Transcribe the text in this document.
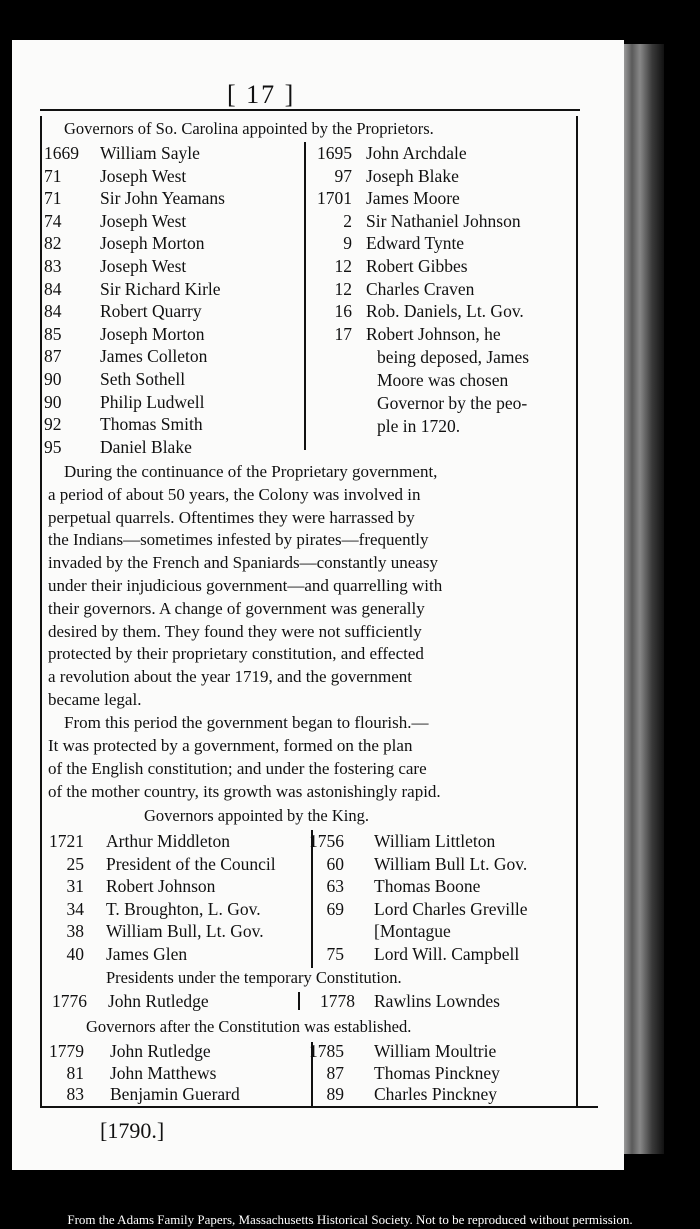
[ 17 ]
Governors of So. Carolina appointed by the Proprietors.
1669 William Sayle
71 Joseph West
71 Sir John Yeamans
74 Joseph West
82 Joseph Morton
83 Joseph West
84 Sir Richard Kirle
84 Robert Quarry
85 Joseph Morton
87 James Colleton
90 Seth Sothell
90 Philip Ludwell
92 Thomas Smith
95 Daniel Blake
1695 John Archdale
97 Joseph Blake
1701 James Moore
2 Sir Nathaniel Johnson
9 Edward Tynte
12 Robert Gibbes
12 Charles Craven
16 Rob. Daniels, Lt. Gov.
17 Robert Johnson, he
being deposed, James
Moore was chosen
Governor by the peo-
ple in 1720.
During the continuance of the Proprietary government,
a period of about 50 years, the Colony was involved in
perpetual quarrels. Oftentimes they were harrassed by
the Indians—sometimes infested by pirates—frequently
invaded by the French and Spaniards—constantly uneasy
under their injudicious government—and quarrelling with
their governors. A change of government was generally
desired by them. They found they were not sufficiently
protected by their proprietary constitution, and effected
a revolution about the year 1719, and the government
became legal.
From this period the government began to flourish.—
It was protected by a government, formed on the plan
of the English constitution; and under the fostering care
of the mother country, its growth was astonishingly rapid.
Governors appointed by the King.
1721 Arthur Middleton
25 President of the Council
31 Robert Johnson
34 T. Broughton, L. Gov.
38 William Bull, Lt. Gov.
40 James Glen
1756 William Littleton
60 William Bull Lt. Gov.
63 Thomas Boone
69 Lord Charles Greville
[Montague
75 Lord Will. Campbell
Presidents under the temporary Constitution.
1776 John Rutledge	1778 Rawlins Lowndes
Governors after the Constitution was established.
1779 John Rutledge
81 John Matthews
83 Benjamin Guerard
1785 William Moultrie
87 Thomas Pinckney
89 Charles Pinckney
[1790.]
From the Adams Family Papers, Massachusetts Historical Society. Not to be reproduced without permission.
